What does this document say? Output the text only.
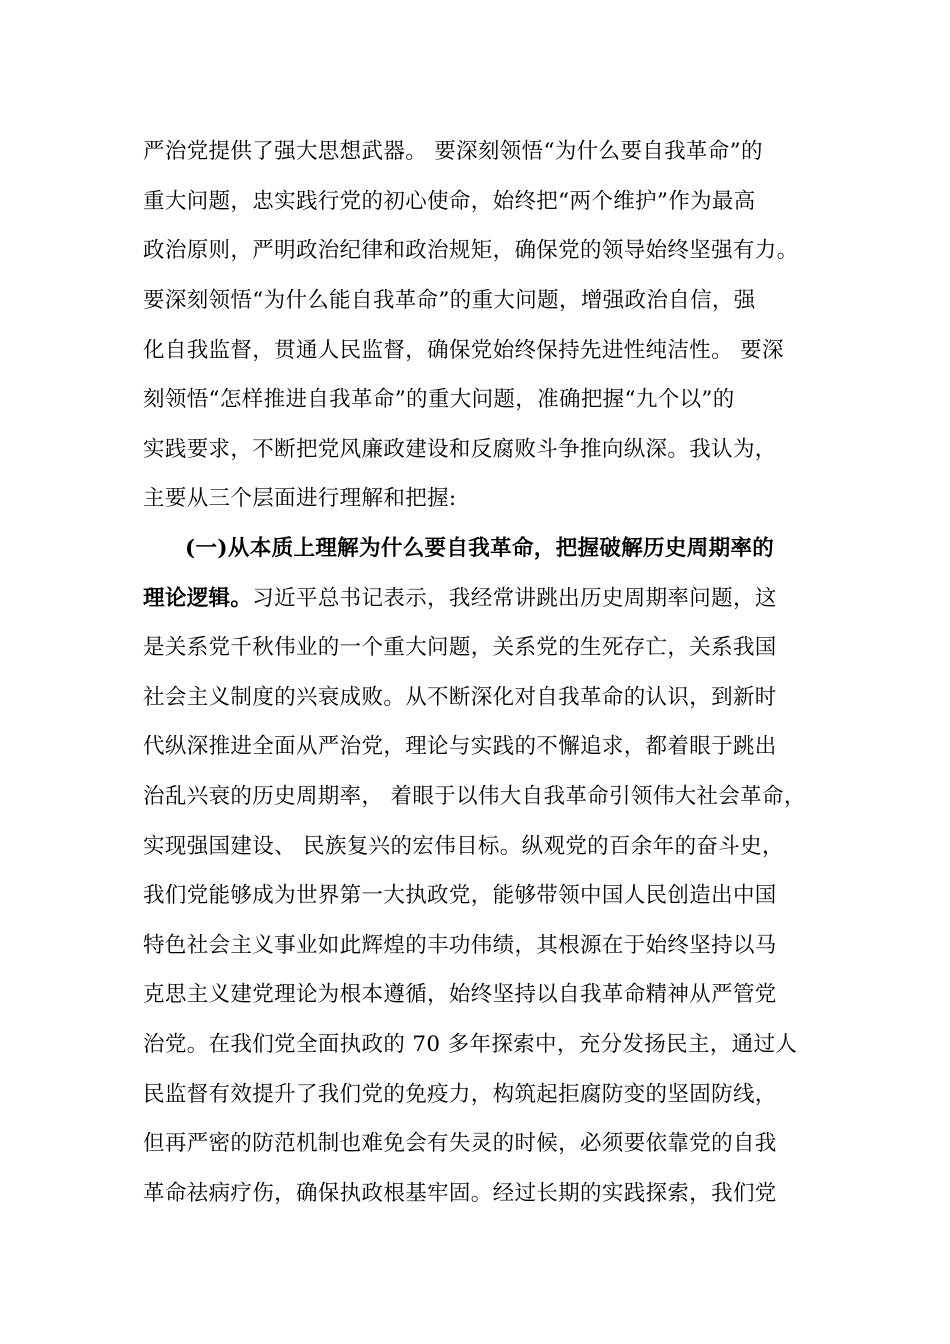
严治党提供了强大思想武器。 要深刻领悟“为什么要自我革命”的
重大问题，忠实践行党的初心使命，始终把“两个维护”作为最高
政治原则，严明政治纪律和政治规矩，确保党的领导始终坚强有力。
要深刻领悟“为什么能自我革命”的重大问题，增强政治自信，强
化自我监督，贯通人民监督，确保党始终保持先进性纯洁性。 要深
刻领悟“怎样推进自我革命”的重大问题，准确把握“九个以”的
实践要求，不断把党风廉政建设和反腐败斗争推向纵深。我认为，
主要从三个层面进行理解和把握:
(一)从本质上理解为什么要自我革命，把握破解历史周期率的
理论逻辑。习近平总书记表示，我经常讲跳出历史周期率问题，这
是关系党千秋伟业的一个重大问题，关系党的生死存亡，关系我国
社会主义制度的兴衰成败。从不断深化对自我革命的认识，到新时
代纵深推进全面从严治党，理论与实践的不懈追求，都着眼于跳出
治乱兴衰的历史周期率， 着眼于以伟大自我革命引领伟大社会革命，
实现强国建设、 民族复兴的宏伟目标。纵观党的百余年的奋斗史，
我们党能够成为世界第一大执政党，能够带领中国人民创造出中国
特色社会主义事业如此辉煌的丰功伟绩，其根源在于始终坚持以马
克思主义建党理论为根本遵循，始终坚持以自我革命精神从严管党
治党。在我们党全面执政的 70 多年探索中，充分发扬民主，通过人
民监督有效提升了我们党的免疫力，构筑起拒腐防变的坚固防线，
但再严密的防范机制也难免会有失灵的时候，必须要依靠党的自我
革命祛病疗伤，确保执政根基牢固。经过长期的实践探索，我们党
